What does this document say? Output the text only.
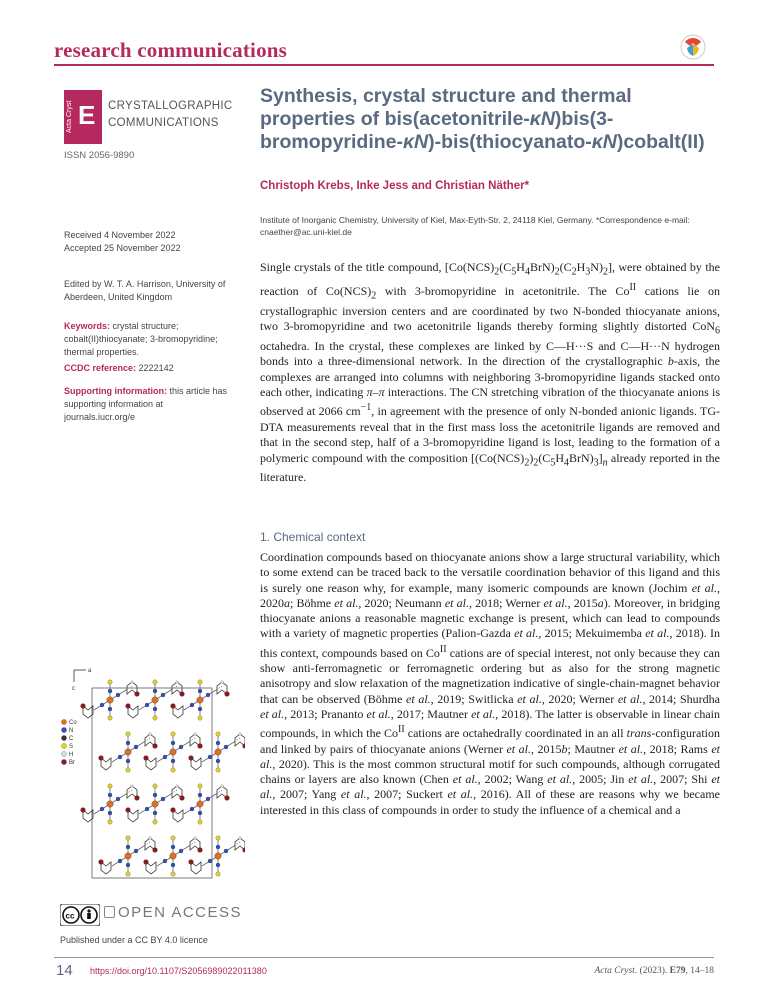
research communications
Acta Cryst E CRYSTALLOGRAPHIC
COMMUNICATIONS
ISSN 2056-9890
Synthesis, crystal structure and thermal properties of bis(acetonitrile-κN)bis(3-bromopyridine-κN)-bis(thiocyanato-κN)cobalt(II)
Christoph Krebs, Inke Jess and Christian Näther*
Institute of Inorganic Chemistry, University of Kiel, Max-Eyth-Str. 2, 24118 Kiel, Germany. *Correspondence e-mail: cnaether@ac.uni-kiel.de
Received 4 November 2022
Accepted 25 November 2022
Edited by W. T. A. Harrison, University of Aberdeen, United Kingdom
Keywords: crystal structure; cobalt(II)thiocyanate; 3-bromopyridine; thermal properties.
CCDC reference: 2222142
Supporting information: this article has supporting information at journals.iucr.org/e
Single crystals of the title compound, $[Co(NCS)_2(C_5H_4BrN)_2(C_2H_3N)_2]$, were obtained by the reaction of $Co(NCS)_2$ with 3-bromopyridine in acetonitrile. The $Co^{II}$ cations lie on crystallographic inversion centers and are coordinated by two N-bonded thiocyanate anions, two 3-bromopyridine and two acetonitrile ligands thereby forming slightly distorted CoN$_6$ octahedra. In the crystal, these complexes are linked by C—H···S and C—H···N hydrogen bonds into a three-dimensional network. In the direction of the crystallographic b-axis, the complexes are arranged into columns with neighboring 3-bromopyridine ligands stacked onto each other, indicating π–π interactions. The CN stretching vibration of the thiocyanate anions is observed at 2066 $cm^{-1}$, in agreement with the presence of only N-bonded anionic ligands. TG-DTA measurements reveal that in the first mass loss the acetonitrile ligands are removed and that in the second step, half of a 3-bromopyridine ligand is lost, leading to the formation of a polymeric compound with the composition $[(Co(NCS)_2)_2(C_5H_4BrN)_3]_n$ already reported in the literature.
1. Chemical context
Coordination compounds based on thiocyanate anions show a large structural variability, which to some extend can be traced back to the versatile coordination behavior of this ligand and this is surely one reason why, for example, many isomeric compounds are known (Jochim et al., 2020a; Böhme et al., 2020; Neumann et al., 2018; Werner et al., 2015a). Moreover, in bridging thiocyanate anions a reasonable magnetic exchange is present, which can lead to compounds with a variety of magnetic properties (Palion-Gazda et al., 2015; Mekuimemba et al., 2018). In this context, compounds based on $Co^{II}$ cations are of special interest, not only because they can show anti-ferromagnetic or ferromagnetic ordering but as also for the strong magnetic anisotropy and slow relaxation of the magnetization indicative of single-chain-magnet behavior that can be observed (Böhme et al., 2019; Switlicka et al., 2020; Werner et al., 2014; Shurdha et al., 2013; Prananto et al., 2017; Mautner et al., 2018). The latter is observable in linear chain compounds, in which the $Co^{II}$ cations are octahedrally coordinated in an all trans-configuration and linked by pairs of thiocyanate anions (Werner et al., 2015b; Mautner et al., 2018; Rams et al., 2020). This is the most common structural motif for such compounds, although corrugated chains or layers are also known (Chen et al., 2002; Wang et al., 2005; Jin et al., 2007; Shi et al., 2007; Yang et al., 2007; Suckert et al., 2016). All of these are reasons why we became interested in this class of compounds in order to study the influence of a chemical and a
a
c
Co
N
C
S
H
Br
cc	OPEN ACCESS
Published under a CC BY 4.0 licence
14 https://doi.org/10.1107/S2056989022011380	Acta Cryst. (2023). E79, 14–18
